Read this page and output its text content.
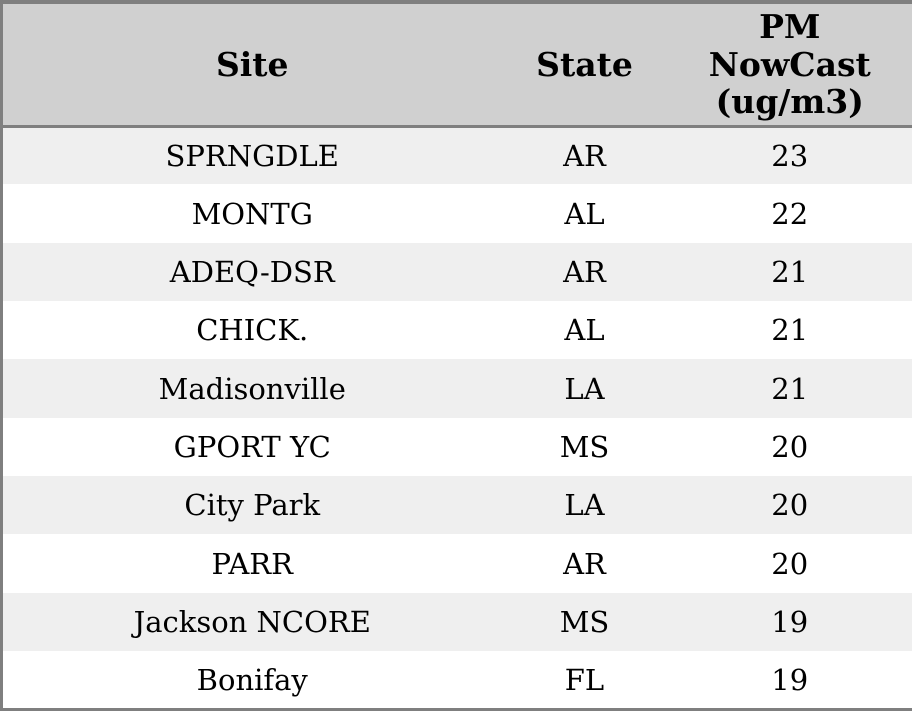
Site	State	PM NowCast (ug/m3)
SPRNGDLE	AR	23
MONTG	AL	22
ADEQ-DSR	AR	21
CHICK.	AL	21
Madisonville	LA	21
GPORT YC	MS	20
City Park	LA	20
PARR	AR	20
Jackson NCORE	MS	19
Bonifay	FL	19
